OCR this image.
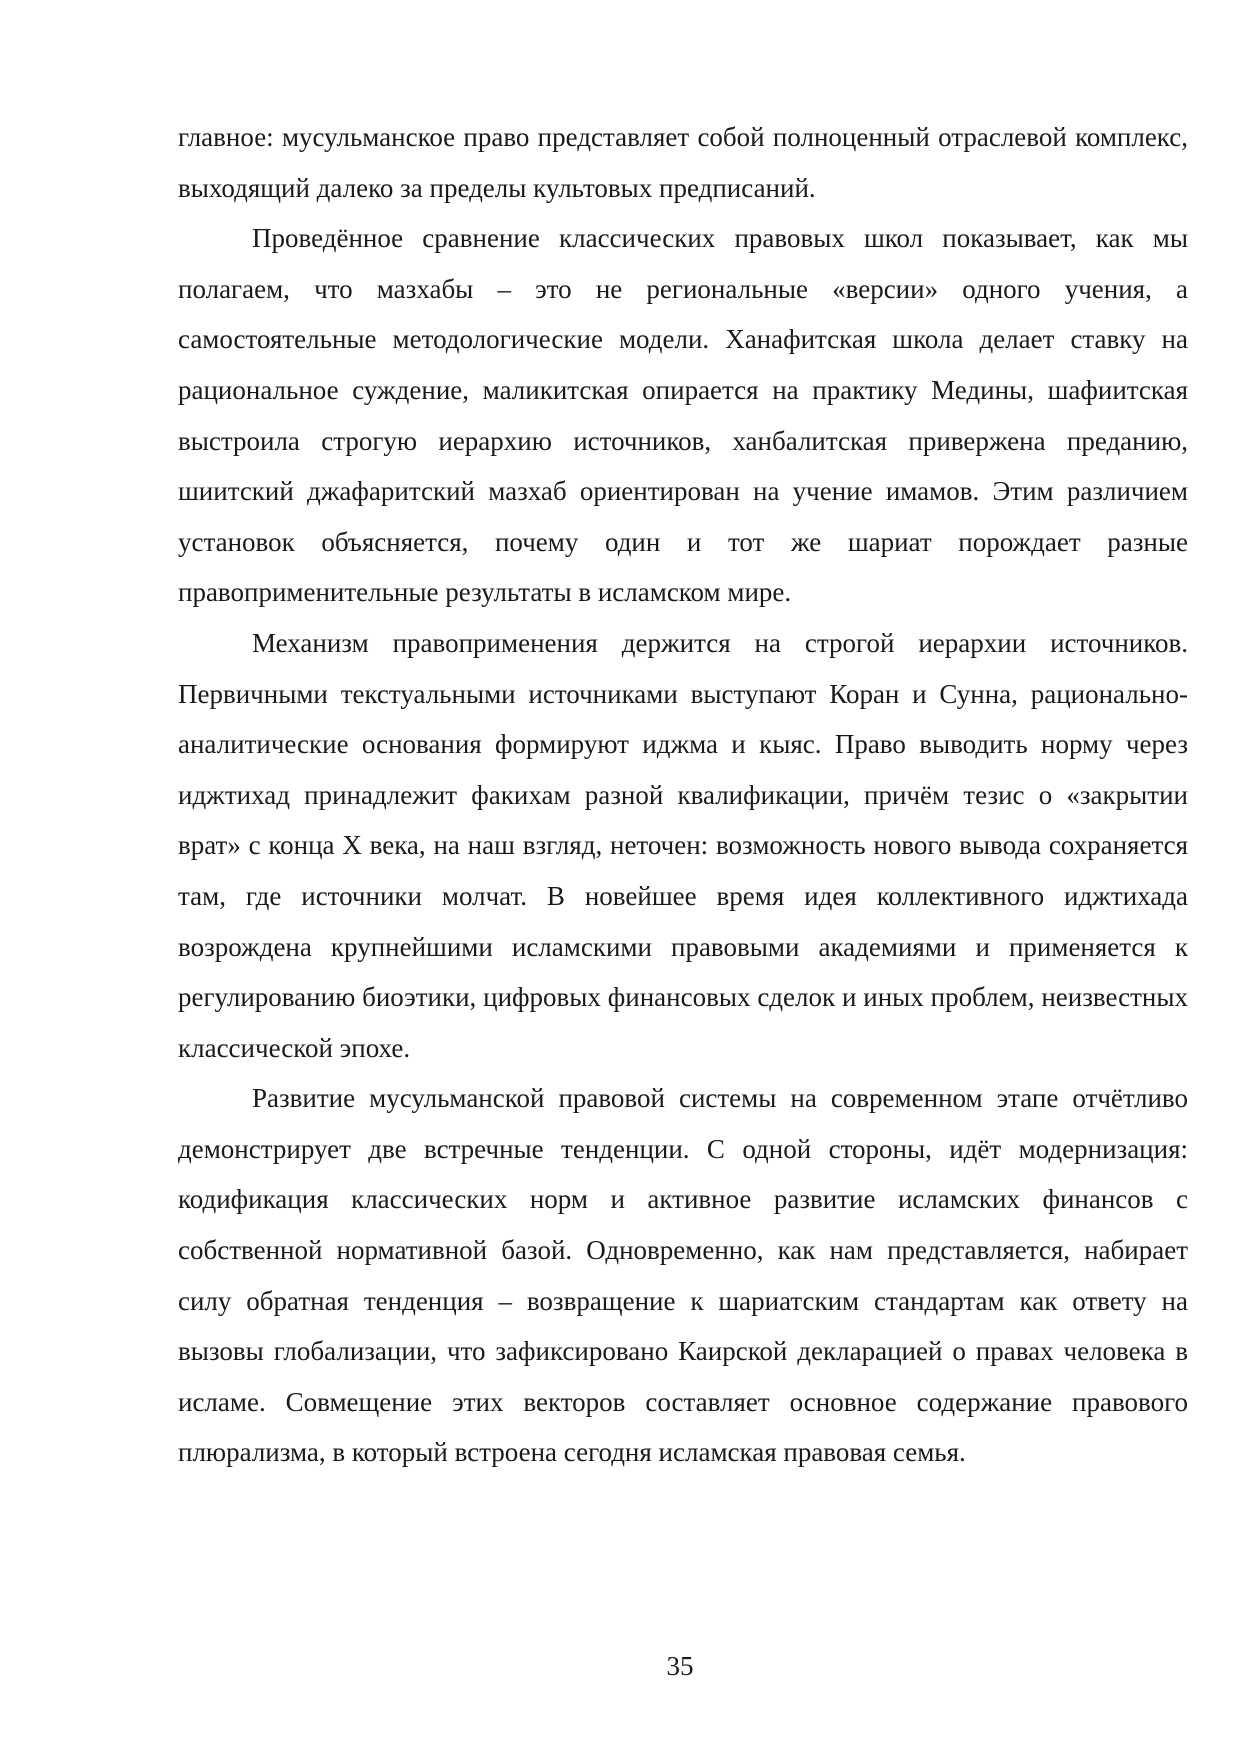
главное: мусульманское право представляет собой полноценный отраслевой комплекс, выходящий далеко за пределы культовых предписаний.

Проведённое сравнение классических правовых школ показывает, как мы полагаем, что мазхабы – это не региональные «версии» одного учения, а самостоятельные методологические модели. Ханафитская школа делает ставку на рациональное суждение, маликитская опирается на практику Медины, шафиитская выстроила строгую иерархию источников, ханбалитская привержена преданию, шиитский джафаритский мазхаб ориентирован на учение имамов. Этим различием установок объясняется, почему один и тот же шариат порождает разные правоприменительные результаты в исламском мире.

Механизм правоприменения держится на строгой иерархии источников. Первичными текстуальными источниками выступают Коран и Сунна, рационально-аналитические основания формируют иджма и кыяс. Право выводить норму через иджтихад принадлежит факихам разной квалификации, причём тезис о «закрытии врат» с конца X века, на наш взгляд, неточен: возможность нового вывода сохраняется там, где источники молчат. В новейшее время идея коллективного иджтихада возрождена крупнейшими исламскими правовыми академиями и применяется к регулированию биоэтики, цифровых финансовых сделок и иных проблем, неизвестных классической эпохе.

Развитие мусульманской правовой системы на современном этапе отчётливо демонстрирует две встречные тенденции. С одной стороны, идёт модернизация: кодификация классических норм и активное развитие исламских финансов с собственной нормативной базой. Одновременно, как нам представляется, набирает силу обратная тенденция – возвращение к шариатским стандартам как ответу на вызовы глобализации, что зафиксировано Каирской декларацией о правах человека в исламе. Совмещение этих векторов составляет основное содержание правового плюрализма, в который встроена сегодня исламская правовая семья.

35
